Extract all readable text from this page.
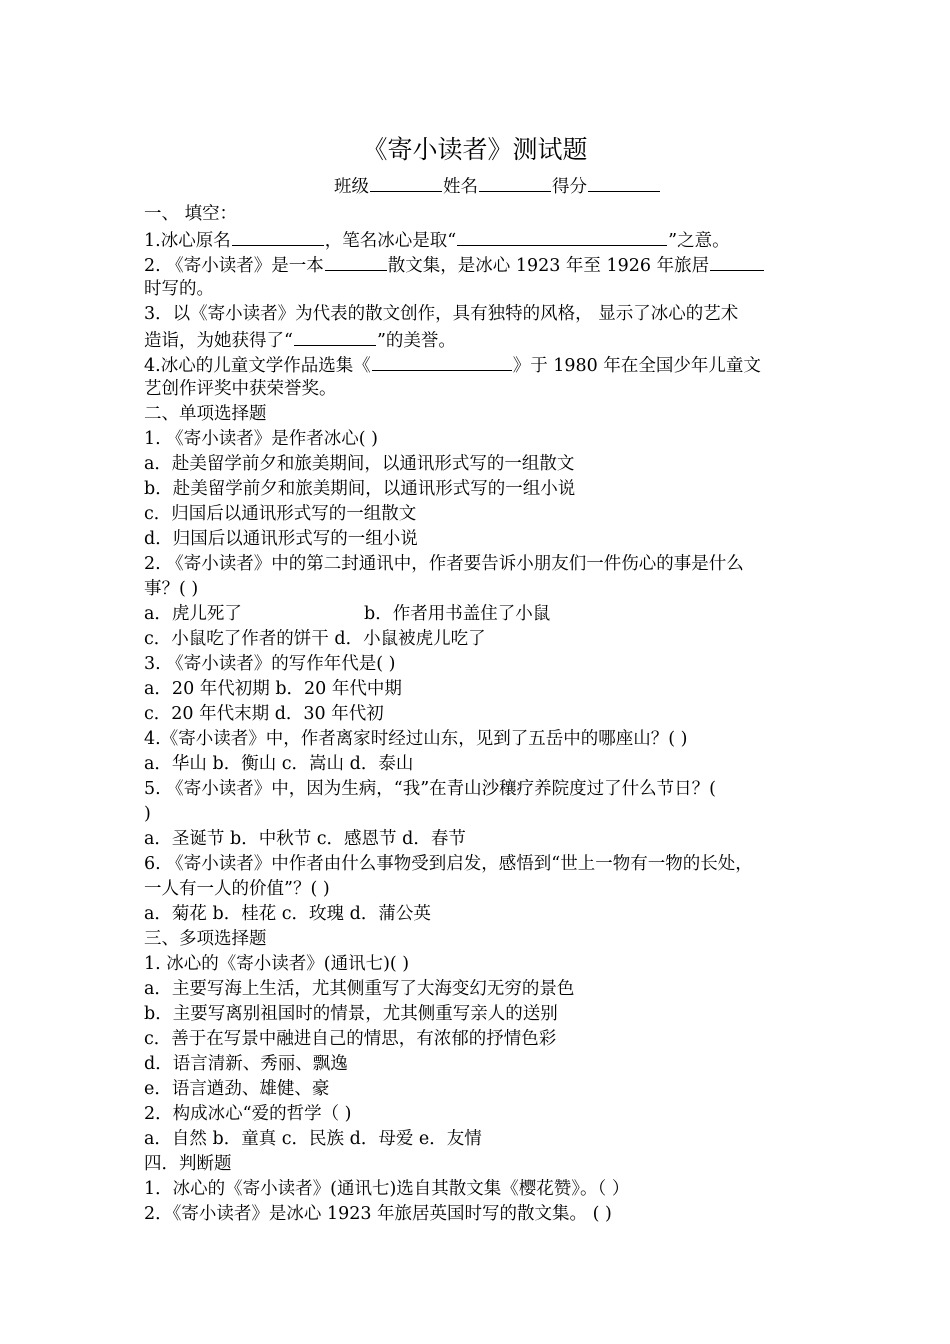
《寄小读者》测试题
班级	姓名	得分
一、 填空：
1.冰心原名	，笔名冰心是取“	”之意。
2. 《寄小读者》是一本	散文集，是冰心 1923 年至 1926 年旅居
时写的。
3．以《寄小读者》为代表的散文创作，具有独特的风格， 显示了冰心的艺术
造诣，为她获得了“	”的美誉。
4.冰心的儿童文学作品选集《	》于 1980 年在全国少年儿童文
艺创作评奖中获荣誉奖。
二、单项选择题
1. 《寄小读者》是作者冰心( )
a．赴美留学前夕和旅美期间，以通讯形式写的一组散文
b．赴美留学前夕和旅美期间，以通讯形式写的一组小说
c．归国后以通讯形式写的一组散文
d．归国后以通讯形式写的一组小说
2. 《寄小读者》中的第二封通讯中，作者要告诉小朋友们一件伤心的事是什么
事？( )
a．虎儿死了	b．作者用书盖住了小鼠
c．小鼠吃了作者的饼干 d．小鼠被虎儿吃了
3. 《寄小读者》的写作年代是( )
a．20 年代初期 b．20 年代中期
c．20 年代末期 d．30 年代初
4.《寄小读者》中，作者离家时经过山东，见到了五岳中的哪座山？( )
a．华山 b．衡山 c．嵩山 d．泰山
5. 《寄小读者》中，因为生病，“我”在青山沙穰疗养院度过了什么节日？(
)
a．圣诞节 b．中秋节 c．感恩节 d．春节
6. 《寄小读者》中作者由什么事物受到启发，感悟到“世上一物有一物的长处，
一人有一人的价值”？( )
a．菊花 b．桂花 c．玫瑰 d．蒲公英
三、多项选择题
1. 冰心的《寄小读者》(通讯七)( )
a．主要写海上生活，尤其侧重写了大海变幻无穷的景色
b．主要写离别祖国时的情景，尤其侧重写亲人的送别
c．善于在写景中融进自己的情思，有浓郁的抒情色彩
d．语言清新、秀丽、飘逸
e．语言遒劲、雄健、豪
2．构成冰心“爱的哲学（ )
a．自然 b．童真 c．民族 d．母爱 e．友情
四．判断题
1．冰心的《寄小读者》(通讯七)选自其散文集《樱花赞》。（ ）
2．《寄小读者》是冰心 1923 年旅居英国时写的散文集。 ( )
